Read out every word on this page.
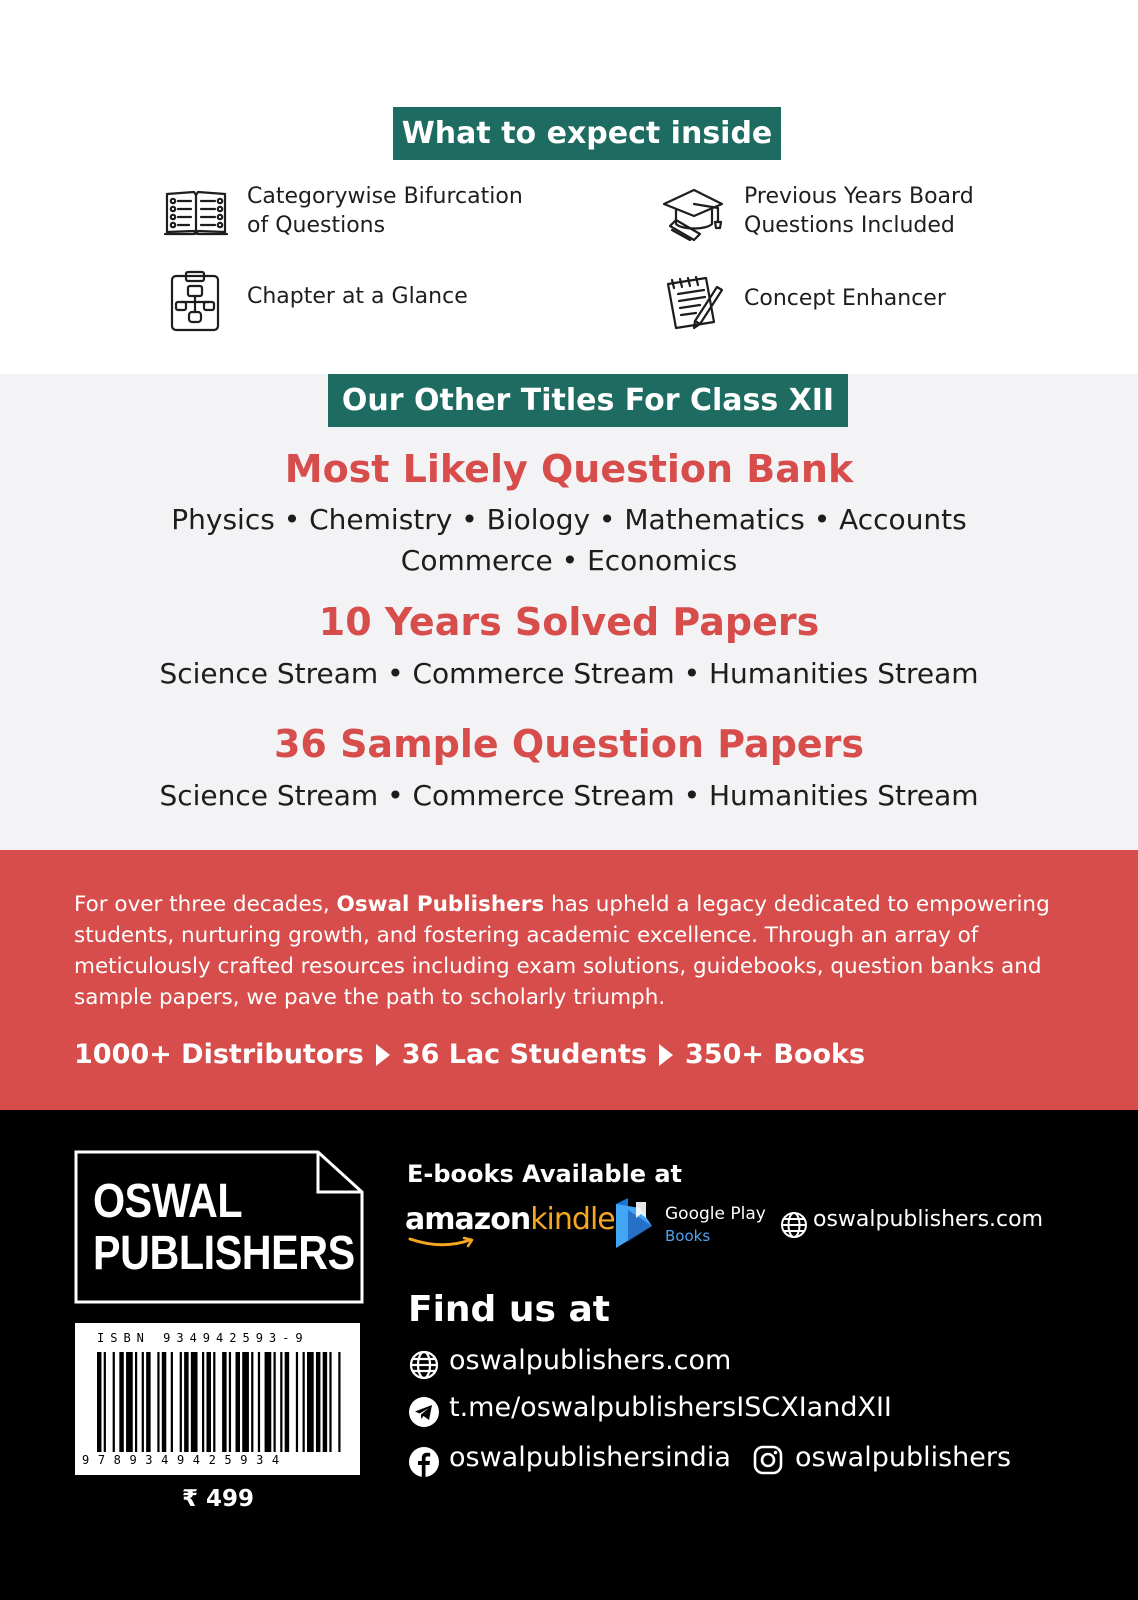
What to expect inside
Categorywise Bifurcation
of Questions
Previous Years Board
Questions Included
Chapter at a Glance	Concept Enhancer
Our Other Titles For Class XII
Most Likely Question Bank
Physics • Chemistry • Biology • Mathematics • Accounts
Commerce • Economics
10 Years Solved Papers
Science Stream • Commerce Stream • Humanities Stream
36 Sample Question Papers
Science Stream • Commerce Stream • Humanities Stream
For over three decades, Oswal Publishers has upheld a legacy dedicated to empowering students, nurturing growth, and fostering academic excellence. Through an array of meticulously crafted resources including exam solutions, guidebooks, question banks and sample papers, we pave the path to scholarly triumph.
1000+ Distributors 36 Lac Students 350+ Books
OSWAL
PUBLISHERS
ISBN 934942593-9
9789349425934
₹ 499
E-books Available at
amazonkindle	Google Play
Books
oswalpublishers.com
Find us at
oswalpublishers.com
t.me/oswalpublishersISCXIandXII
oswalpublishersindia oswalpublishers
